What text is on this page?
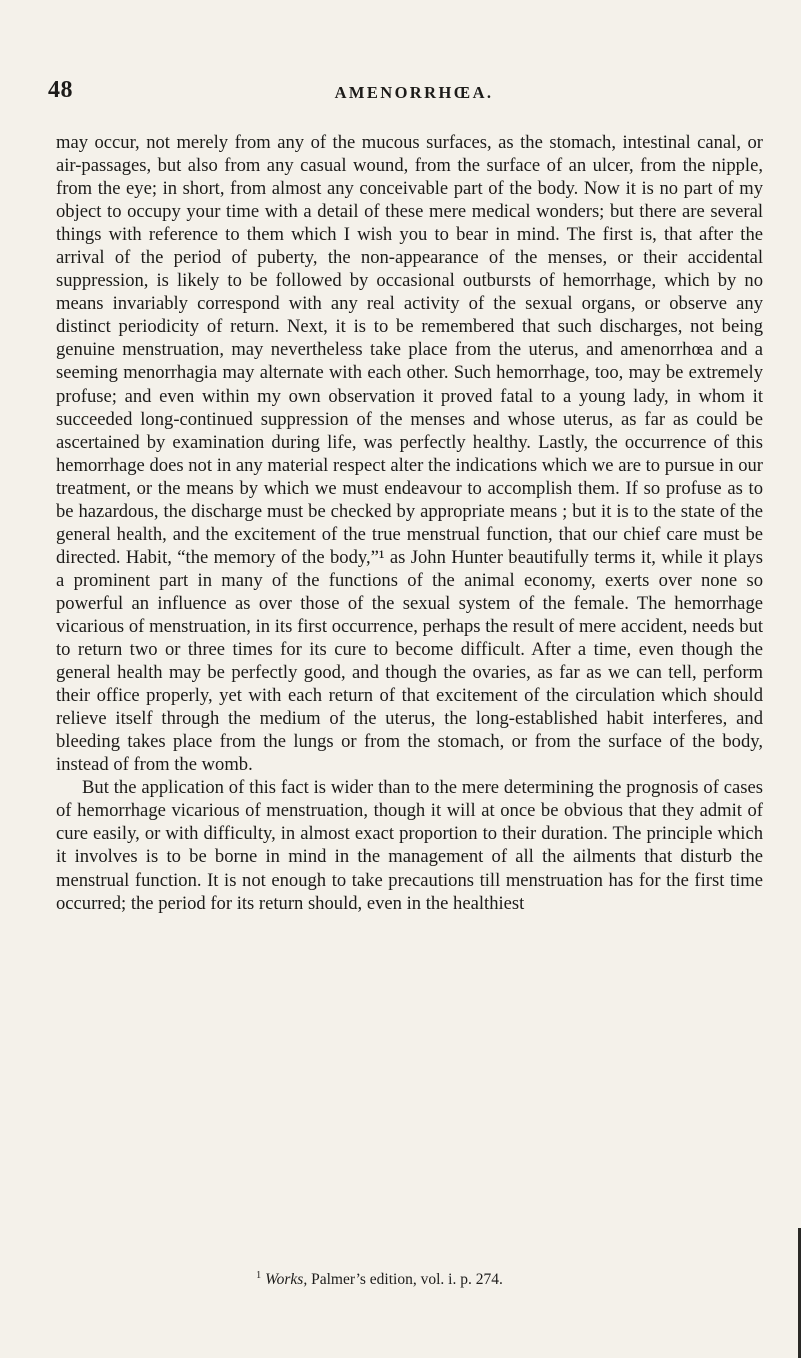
48	AMENORRHŒA.

may occur, not merely from any of the mucous surfaces, as the stomach, intestinal canal, or air-passages, but also from any casual wound, from the surface of an ulcer, from the nipple, from the eye; in short, from almost any conceivable part of the body. Now it is no part of my object to occupy your time with a detail of these mere medical wonders; but there are several things with reference to them which I wish you to bear in mind. The first is, that after the arrival of the period of puberty, the non-appearance of the menses, or their accidental suppression, is likely to be followed by occasional outbursts of hemorrhage, which by no means invariably correspond with any real activity of the sexual organs, or observe any distinct periodicity of return. Next, it is to be remembered that such discharges, not being genuine menstruation, may nevertheless take place from the uterus, and amenorrhœa and a seeming menorrhagia may alternate with each other. Such hemorrhage, too, may be extremely profuse; and even within my own observation it proved fatal to a young lady, in whom it succeeded long-continued suppression of the menses and whose uterus, as far as could be ascertained by examination during life, was perfectly healthy. Lastly, the occurrence of this hemorrhage does not in any material respect alter the indications which we are to pursue in our treatment, or the means by which we must endeavour to accomplish them. If so profuse as to be hazardous, the discharge must be checked by appropriate means ; but it is to the state of the general health, and the excitement of the true menstrual function, that our chief care must be directed. Habit, “the memory of the body,”¹ as John Hunter beautifully terms it, while it plays a prominent part in many of the functions of the animal economy, exerts over none so powerful an influence as over those of the sexual system of the female. The hemorrhage vicarious of menstruation, in its first occurrence, perhaps the result of mere accident, needs but to return two or three times for its cure to become difficult. After a time, even though the general health may be perfectly good, and though the ovaries, as far as we can tell, perform their office properly, yet with each return of that excitement of the circulation which should relieve itself through the medium of the uterus, the long-established habit interferes, and bleeding takes place from the lungs or from the stomach, or from the surface of the body, instead of from the womb.

But the application of this fact is wider than to the mere determining the prognosis of cases of hemorrhage vicarious of menstruation, though it will at once be obvious that they admit of cure easily, or with difficulty, in almost exact proportion to their duration. The principle which it involves is to be borne in mind in the management of all the ailments that disturb the menstrual function. It is not enough to take precautions till menstruation has for the first time occurred; the period for its return should, even in the healthiest

$^1$ Works, Palmer’s edition, vol. i. p. 274.
